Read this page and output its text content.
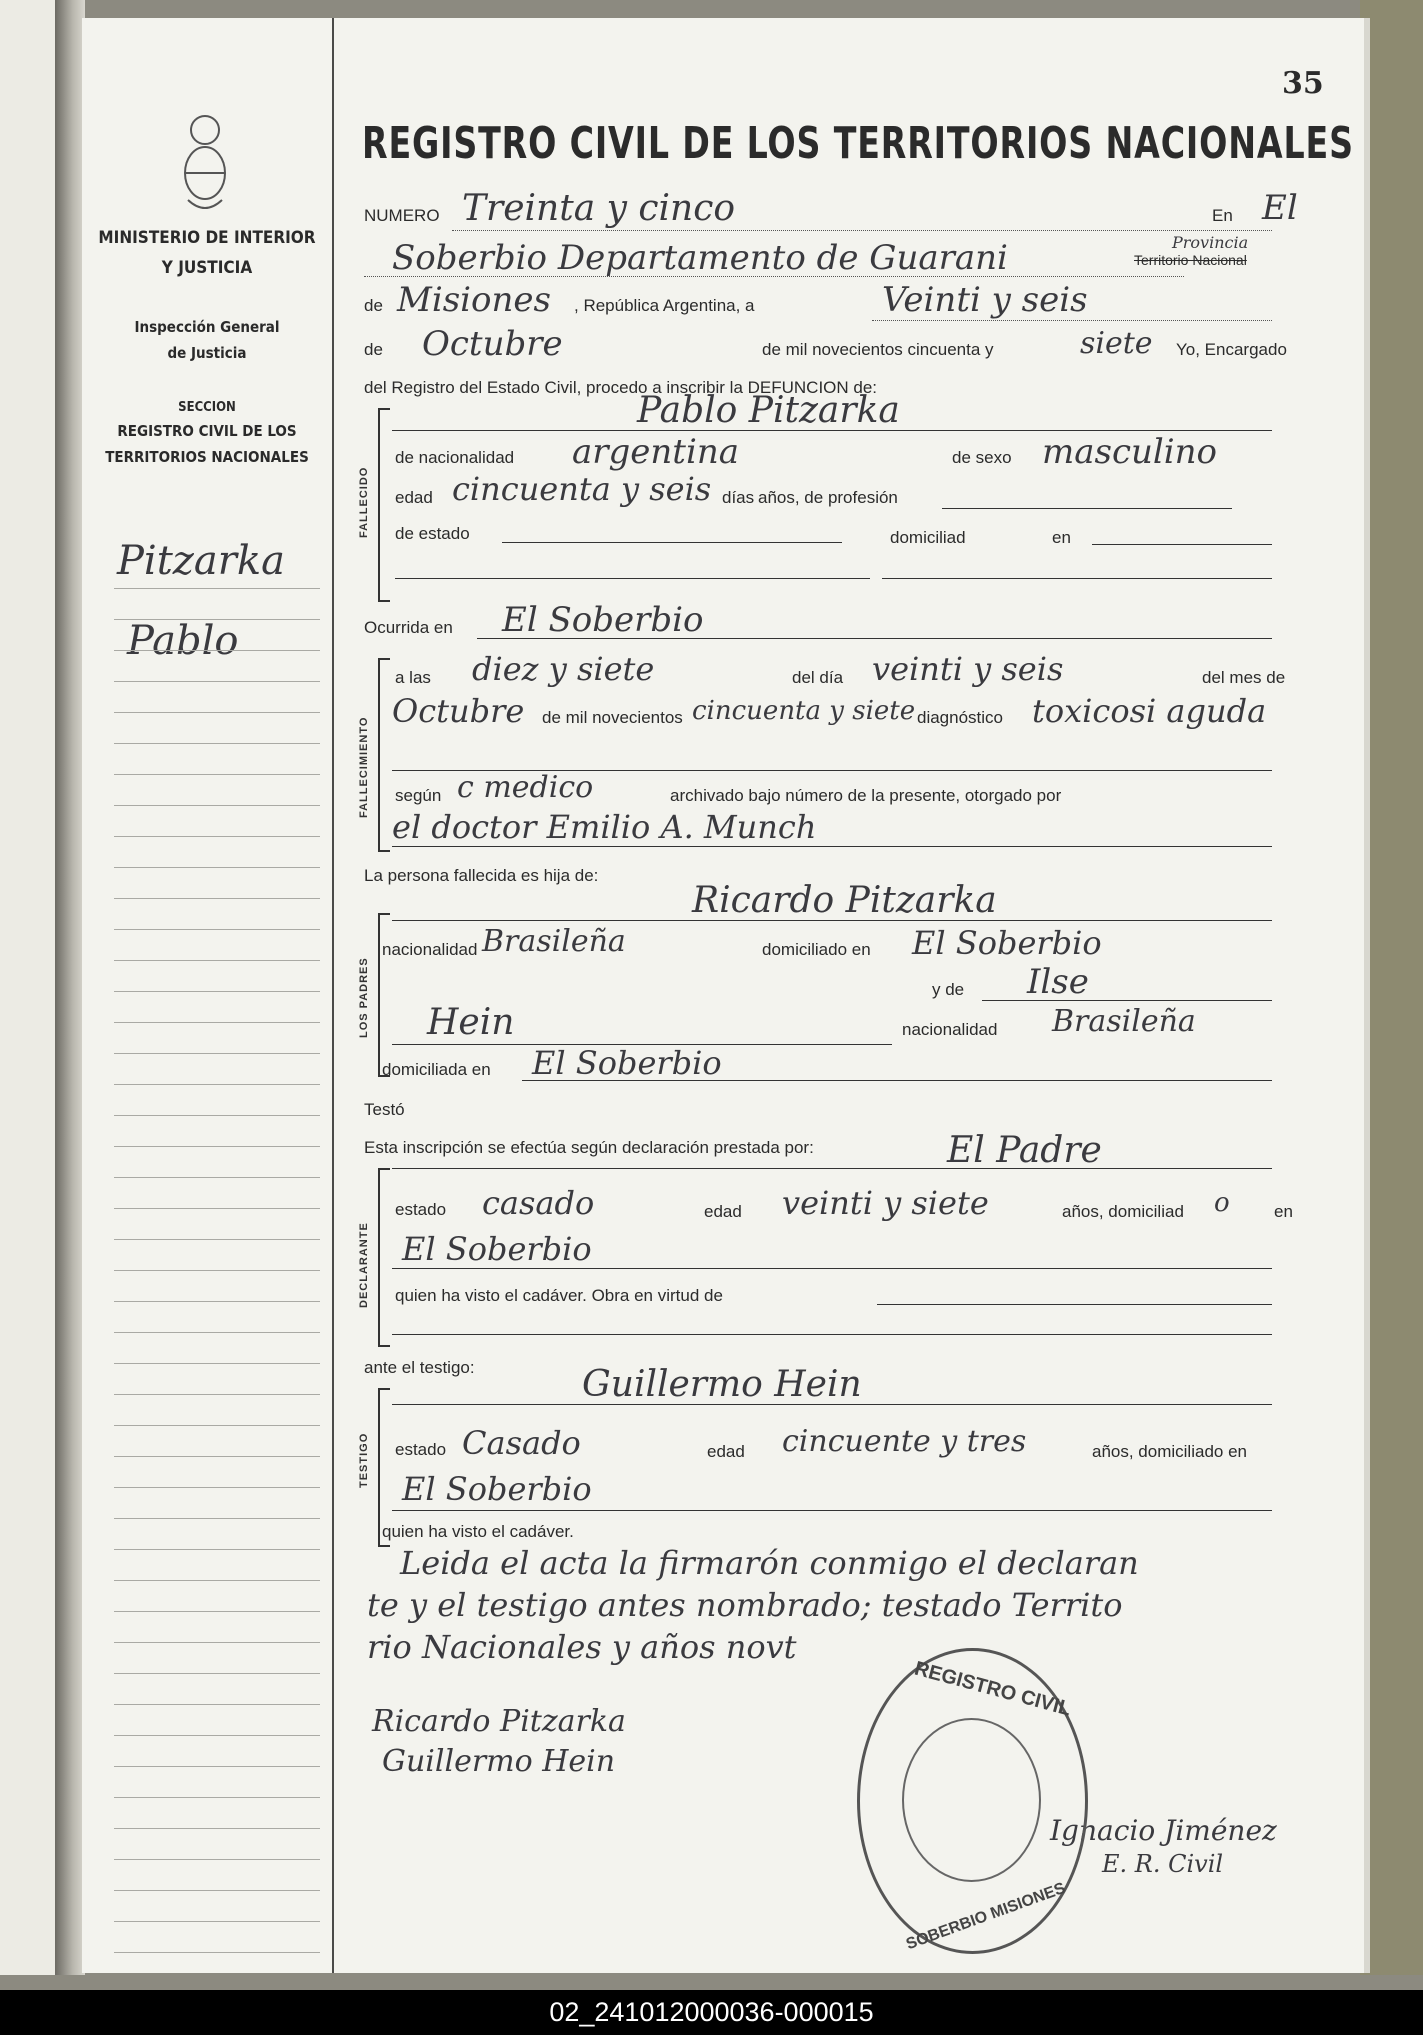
MINISTERIO DE INTERIOR
Y JUSTICIA
Inspección General
de Justicia
SECCION
REGISTRO CIVIL DE LOS
TERRITORIOS NACIONALES
Pitzarka
Pablo
35
REGISTRO CIVIL DE LOS TERRITORIOS NACIONALES
NUMERO Treinta y cinco	En El
Soberbio Departamento de Guarani	Provincia
Territorio Nacional
de Misiones , República Argentina, a	Veinti y seis
de Octubre	de mil novecientos cincuenta y	siete Yo, Encargado
del Registro del Estado Civil, procedo a inscribir la DEFUNCION de:
FALLECIDO
Pablo Pitzarka
de nacionalidad argentina	de sexo masculino
edad cincuenta y seis días años, de profesión
de estado	domiciliad	en
Ocurrida en El Soberbio
FALLECIMIENTO
a las diez y siete	del día veinti y seis	del mes de
Octubre de mil novecientos cincuenta y siete diagnóstico toxicosi aguda
según c medico	archivado bajo número de la presente, otorgado por
el doctor Emilio A. Munch
La persona fallecida es hija de:
LOS PADRES
Ricardo Pitzarka
nacionalidad Brasileña	domiciliado en El Soberbio
y de Ilse
Hein	nacionalidad Brasileña
domiciliada en El Soberbio
Testó
Esta inscripción se efectúa según declaración prestada por:	El Padre
DECLARANTE
estado casado	edad veinti y siete	años, domiciliad o	en
El Soberbio
quien ha visto el cadáver. Obra en virtud de
ante el testigo:	Guillermo Hein
TESTIGO estado Casado	edad cincuente y tres	años, domiciliado en
El Soberbio
quien ha visto el cadáver.
Leida el acta la firmarón conmigo el declaran
te y el testigo antes nombrado; testado Territo
rio Nacionales y años novt
Ricardo Pitzarka
Guillermo Hein
Ignacio Jiménez
E. R. Civil
REGISTRO CIVIL
SOBERBIO MISIONES
02_241012000036-000015
